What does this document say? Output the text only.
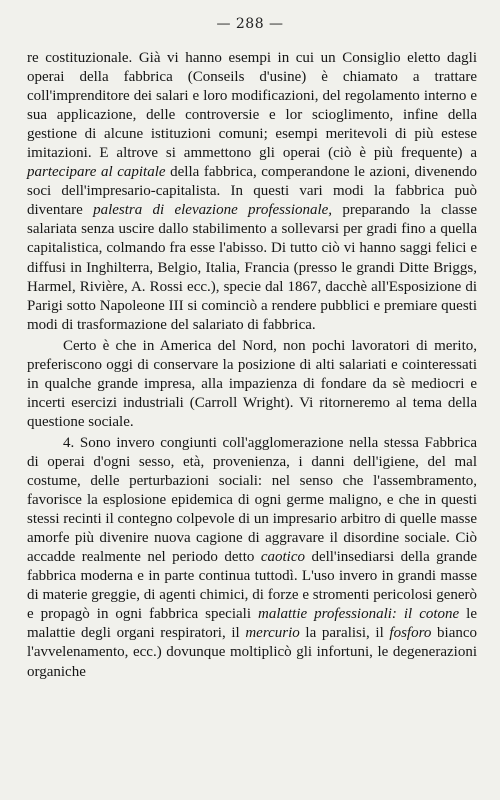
— 288 —

re costituzionale. Già vi hanno esempi in cui un Consiglio eletto dagli operai della fabbrica (Conseils d'usine) è chiamato a trattare coll'imprenditore dei salari e loro modificazioni, del regolamento interno e sua applicazione, delle controversie e lor scioglimento, infine della gestione di alcune istituzioni comuni; esempi meritevoli di più estese imitazioni. E altrove si ammettono gli operai (ciò è più frequente) a partecipare al capitale della fabbrica, comperandone le azioni, divenendo soci dell'impresario-capitalista. In questi vari modi la fabbrica può diventare palestra di elevazione professionale, preparando la classe salariata senza uscire dallo stabilimento a sollevarsi per gradi fino a quella capitalistica, colmando fra esse l'abisso. Di tutto ciò vi hanno saggi felici e diffusi in Inghilterra, Belgio, Italia, Francia (presso le grandi Ditte Briggs, Harmel, Rivière, A. Rossi ecc.), specie dal 1867, dacchè all'Esposizione di Parigi sotto Napoleone III si cominciò a rendere pubblici e premiare questi modi di trasformazione del salariato di fabbrica.

Certo è che in America del Nord, non pochi lavoratori di merito, preferiscono oggi di conservare la posizione di alti salariati e cointeressati in qualche grande impresa, alla impazienza di fondare da sè mediocri e incerti esercizi industriali (Carroll Wright). Vi ritorneremo al tema della questione sociale.

4. Sono invero congiunti coll'agglomerazione nella stessa Fabbrica di operai d'ogni sesso, età, provenienza, i danni dell'igiene, del mal costume, delle perturbazioni sociali: nel senso che l'assembramento, favorisce la esplosione epidemica di ogni germe maligno, e che in questi stessi recinti il contegno colpevole di un impresario arbitro di quelle masse amorfe più divenire nuova cagione di aggravare il disordine sociale. Ciò accadde realmente nel periodo detto caotico dell'insediarsi della grande fabbrica moderna e in parte continua tuttodì. L'uso invero in grandi masse di materie greggie, di agenti chimici, di forze e stromenti pericolosi generò e propagò in ogni fabbrica speciali malattie professionali: il cotone le malattie degli organi respiratori, il mercurio la paralisi, il fosforo bianco l'avvelenamento, ecc.) dovunque moltiplicò gli infortuni, le degenerazioni organiche
